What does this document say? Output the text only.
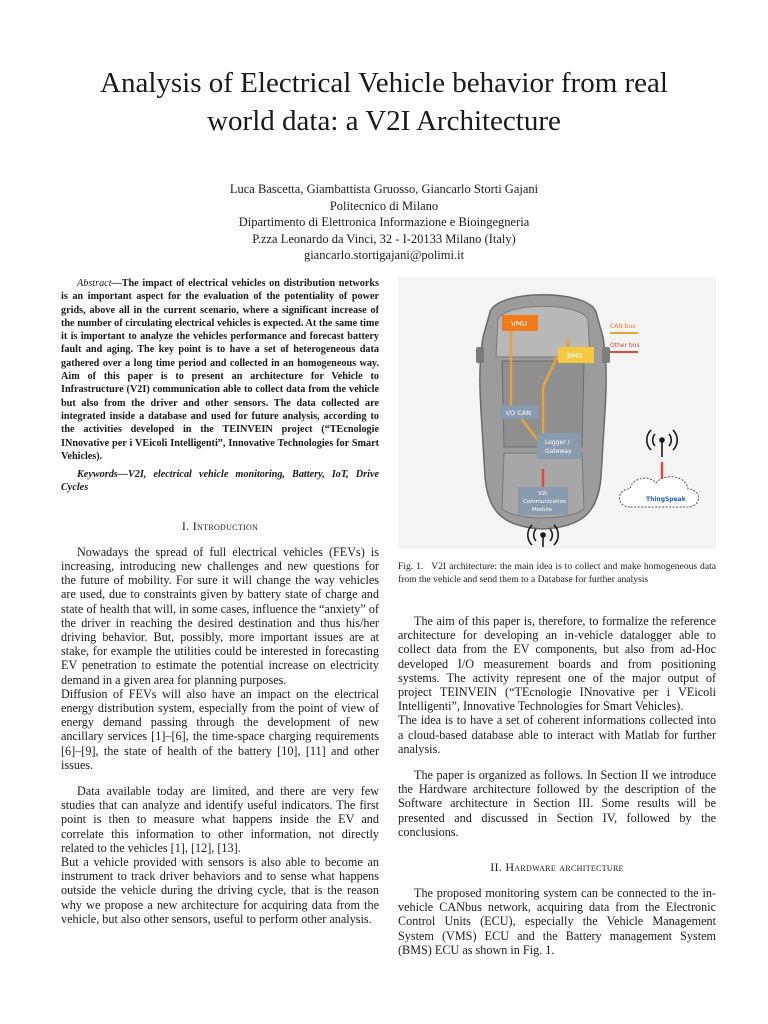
Analysis of Electrical Vehicle behavior from real
world data: a V2I Architecture
Luca Bascetta, Giambattista Gruosso, Giancarlo Storti Gajani
Politecnico di Milano
Dipartimento di Elettronica Informazione e Bioingegneria
P.zza Leonardo da Vinci, 32 - I-20133 Milano (Italy)
giancarlo.stortigajani@polimi.it

Abstract—The impact of electrical vehicles on distribution networks is an important aspect for the evaluation of the potentiality of power grids, above all in the current scenario, where a significant increase of the number of circulating electrical vehicles is expected. At the same time it is important to analyze the vehicles performance and forecast battery fault and aging. The key point is to have a set of heterogeneous data gathered over a long time period and collected in an homogeneous way. Aim of this paper is to present an architecture for Vehicle to Infrastructure (V2I) communication able to collect data from the vehicle but also from the driver and other sensors. The data collected are integrated inside a database and used for future analysis, according to the activities developed in the TEINVEIN project (“TEcnologie INnovative per i VEicoli Intelligenti”, Innovative Technologies for Smart Vehicles).

Keywords—V2I, electrical vehicle monitoring, Battery, IoT, Drive Cycles

I. Introduction

Nowadays the spread of full electrical vehicles (FEVs) is increasing, introducing new challenges and new questions for the future of mobility. For sure it will change the way vehicles are used, due to constraints given by battery state of charge and state of health that will, in some cases, influence the “anxiety” of the driver in reaching the desired destination and thus his/her driving behavior. But, possibly, more important issues are at stake, for example the utilities could be interested in forecasting EV penetration to estimate the potential increase on electricity demand in a given area for planning purposes.

Diffusion of FEVs will also have an impact on the electrical energy distribution system, especially from the point of view of energy demand passing through the development of new ancillary services [1]–[6], the time-space charging requirements [6]–[9], the state of health of the battery [10], [11] and other issues.

Data available today are limited, and there are very few studies that can analyze and identify useful indicators. The first point is then to measure what happens inside the EV and correlate this information to other information, not directly related to the vehicles [1], [12], [13].

But a vehicle provided with sensors is also able to become an instrument to track driver behaviors and to sense what happens outside the vehicle during the driving cycle, that is the reason why we propose a new architecture for acquiring data from the vehicle, but also other sensors, useful to perform other analysis.

VMU
BMS
I/O CAN
Logger /
Gateway
V2I
Communication
Module
ThingSpeak
CAN bus
Other bus
Fig. 1. V2I architecture: the main idea is to collect and make homogeneous data from the vehicle and send them to a Database for further analysis

The aim of this paper is, therefore, to formalize the reference architecture for developing an in-vehicle datalogger able to collect data from the EV components, but also from ad-Hoc developed I/O measurement boards and from positioning systems. The activity represent one of the major output of project TEINVEIN (“TEcnologie INnovative per i VEicoli Intelligenti”, Innovative Technologies for Smart Vehicles).

The idea is to have a set of coherent informations collected into a cloud-based database able to interact with Matlab for further analysis.

The paper is organized as follows. In Section II we introduce the Hardware architecture followed by the description of the Software architecture in Section III. Some results will be presented and discussed in Section IV, followed by the conclusions.

II. Hardware architecture

The proposed monitoring system can be connected to the in-vehicle CANbus network, acquiring data from the Electronic Control Units (ECU), especially the Vehicle Management System (VMS) ECU and the Battery management System (BMS) ECU as shown in Fig. 1.
